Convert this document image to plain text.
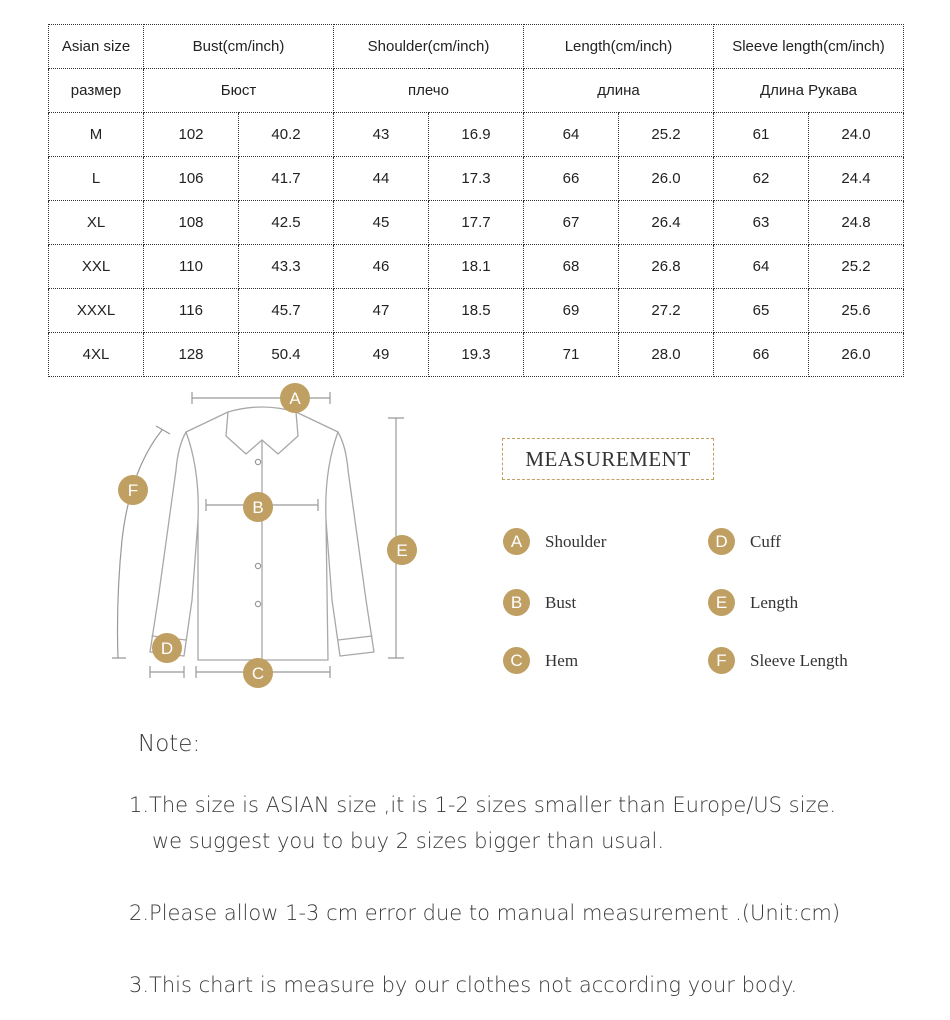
Asian size	Bust(cm/inch)		Shoulder(cm/inch)		Length(cm/inch)		Sleeve length(cm/inch)	
размер	Бюст		плечо		длина		Длина Рукава	
M	102	40.2	43	16.9	64	25.2	61	24.0
L	106	41.7	44	17.3	66	26.0	62	24.4
XL	108	42.5	45	17.7	67	26.4	63	24.8
XXL	110	43.3	46	18.1	68	26.8	64	25.2
XXXL	116	45.7	47	18.5	69	27.2	65	25.6
4XL	128	50.4	49	19.3	71	28.0	66	26.0
A
B
C
D
E
F
MEASUREMENT
A	Shoulder
B	Bust
C	Hem
D	Cuff
E	Length
F	Sleeve Length
Note:
1.The size is ASIAN size ,it is 1-2 sizes smaller than Europe/US size.
we suggest you to buy 2 sizes bigger than usual.
2.Please allow 1-3 cm error due to manual measurement .(Unit:cm)
3.This chart is measure by our clothes not according your body.
